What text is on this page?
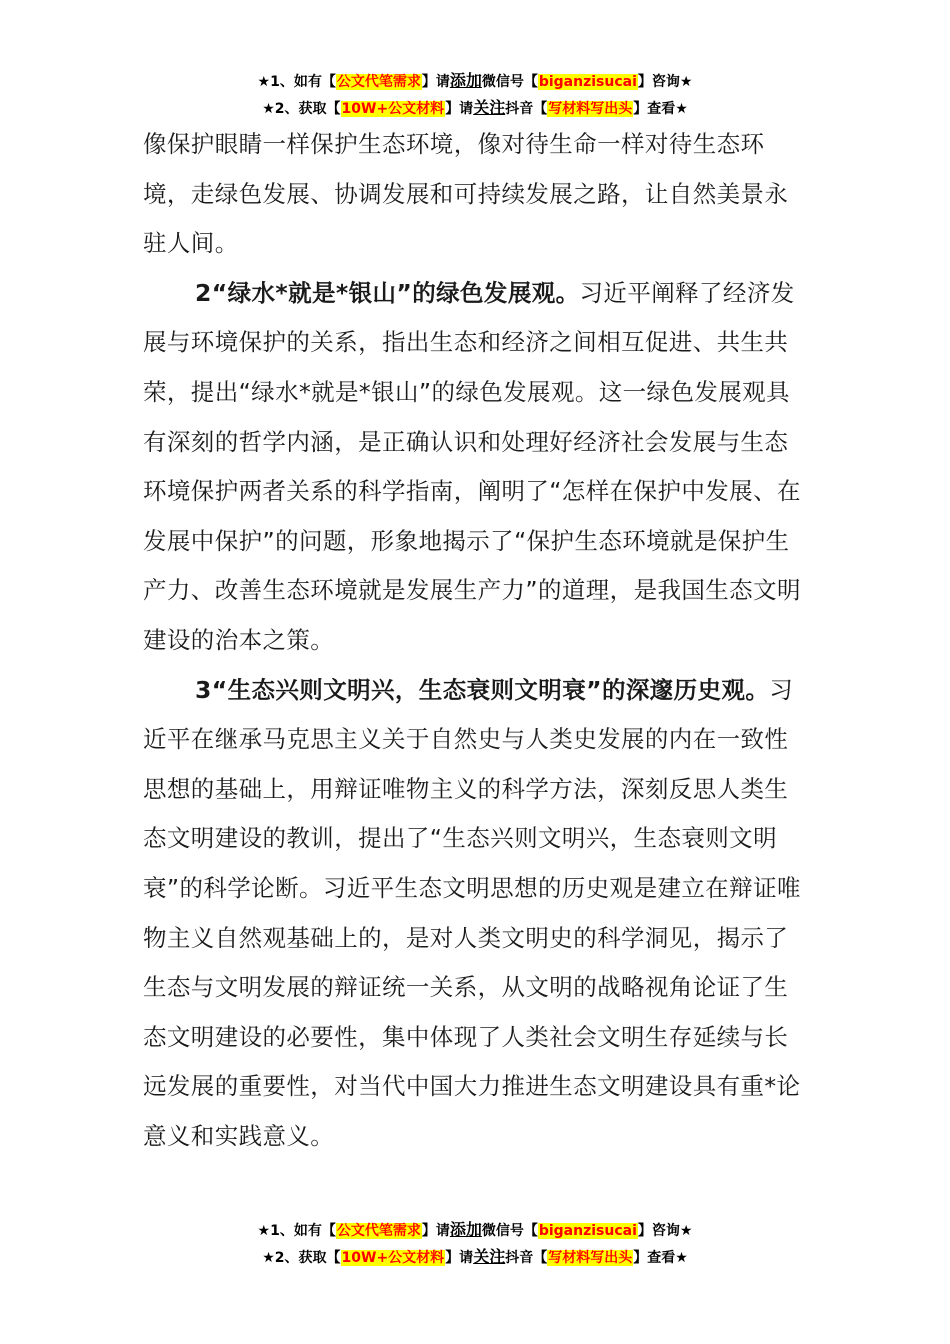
★1、如有【公文代笔需求】请添加微信号【biganzisucai】咨询★
★2、获取【10W+公文材料】请关注抖音【写材料写出头】查看★

像保护眼睛一样保护生态环境，像对待生命一样对待生态环境，走绿色发展、协调发展和可持续发展之路，让自然美景永驻人间。

2“绿水*就是*银山”的绿色发展观。习近平阐释了经济发展与环境保护的关系，指出生态和经济之间相互促进、共生共荣，提出“绿水*就是*银山”的绿色发展观。这一绿色发展观具有深刻的哲学内涵，是正确认识和处理好经济社会发展与生态环境保护两者关系的科学指南，阐明了“怎样在保护中发展、在发展中保护”的问题，形象地揭示了“保护生态环境就是保护生产力、改善生态环境就是发展生产力”的道理，是我国生态文明建设的治本之策。

3“生态兴则文明兴，生态衰则文明衰”的深邃历史观。习近平在继承马克思主义关于自然史与人类史发展的内在一致性思想的基础上，用辩证唯物主义的科学方法，深刻反思人类生态文明建设的教训，提出了“生态兴则文明兴，生态衰则文明衰”的科学论断。习近平生态文明思想的历史观是建立在辩证唯物主义自然观基础上的，是对人类文明史的科学洞见，揭示了生态与文明发展的辩证统一关系，从文明的战略视角论证了生态文明建设的必要性，集中体现了人类社会文明生存延续与长远发展的重要性，对当代中国大力推进生态文明建设具有重*论意义和实践意义。

★1、如有【公文代笔需求】请添加微信号【biganzisucai】咨询★
★2、获取【10W+公文材料】请关注抖音【写材料写出头】查看★
